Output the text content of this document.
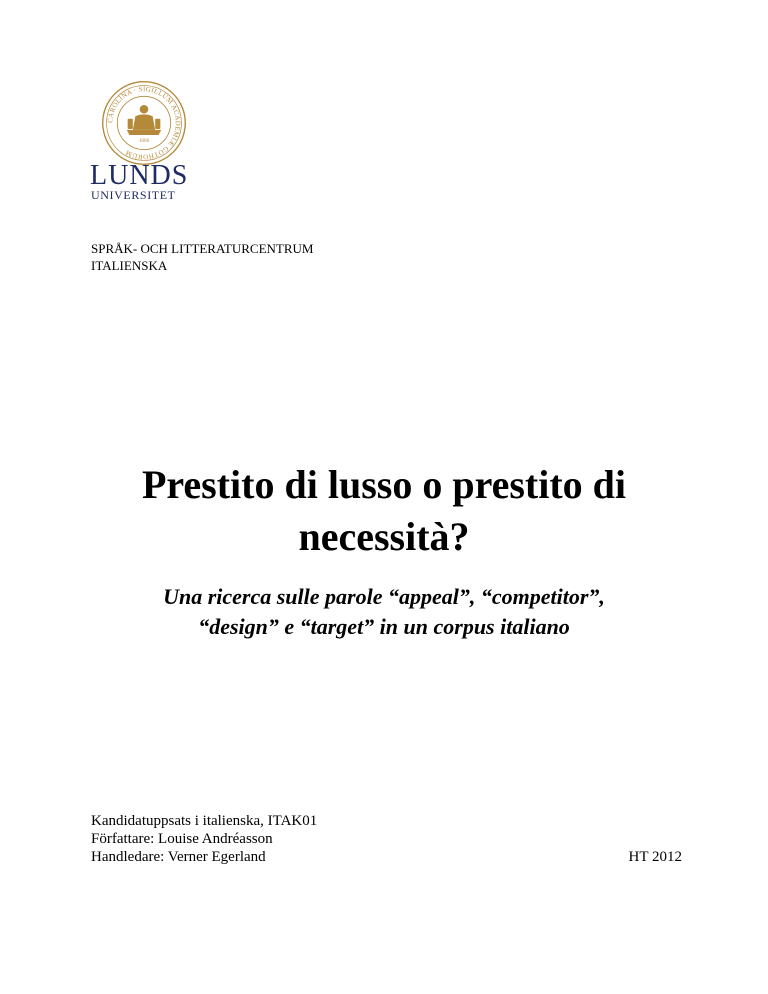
CAROLINA · SIGILLUM ACADEMIÆ GOTHORUM
1666
LUNDS
UNIVERSITET
SPRÅK- OCH LITTERATURCENTRUM
ITALIENSKA
Prestito di lusso o prestito di
necessità?
Una ricerca sulle parole “appeal”, “competitor”,
“design” e “target” in un corpus italiano
Kandidatuppsats i italienska, ITAK01
Författare: Louise Andréasson
Handledare: Verner Egerland	HT 2012
